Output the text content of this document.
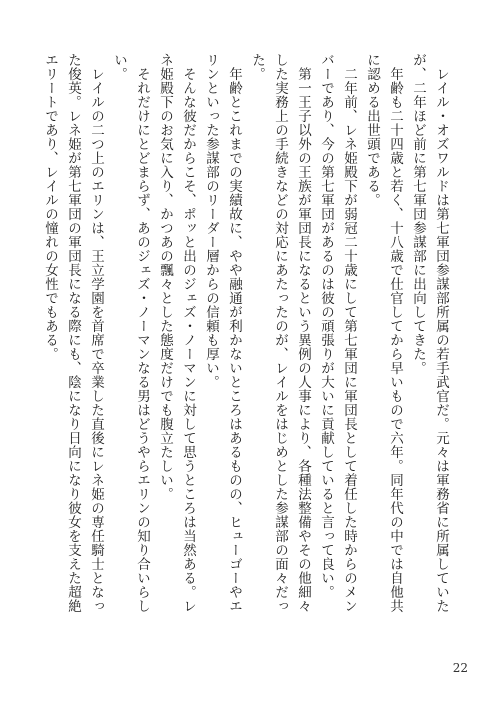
レイル・オズワルドは第七軍団参謀部所属の若手武官だ。元々は軍務省に所属していたが、二年ほど前に第七軍団参謀部に出向してきた。

年齢も二十四歳と若く、十八歳で仕官してから早いもので六年。同年代の中では自他共に認める出世頭である。

二年前、レネ姫殿下が弱冠二十歳にして第七軍団に軍団長として着任した時からのメンバーであり、今の第七軍団があるのは彼の頑張りが大いに貢献していると言って良い。

第一王子以外の王族が軍団長になるという異例の人事により、各種法整備やその他細々した実務上の手続きなどの対応にあたったのが、レイルをはじめとした参謀部の面々だった。

年齢とこれまでの実績故に、やや融通が利かないところはあるものの、ヒューゴーやエリンといった参謀部のリーダー層からの信頼も厚い。

そんな彼だからこそ、ポッと出のジェズ・ノーマンに対して思うところは当然ある。レネ姫殿下のお気に入り、かつあの飄々とした態度だけでも腹立たしい。

それだけにとどまらず、あのジェズ・ノーマンなる男はどうやらエリンの知り合いらしい。

レイルの二つ上のエリンは、王立学園を首席で卒業した直後にレネ姫の専任騎士となった俊英。レネ姫が第七軍団の軍団長になる際にも、陰になり日向になり彼女を支えた超絶エリートであり、レイルの憧れの女性でもある。

22
